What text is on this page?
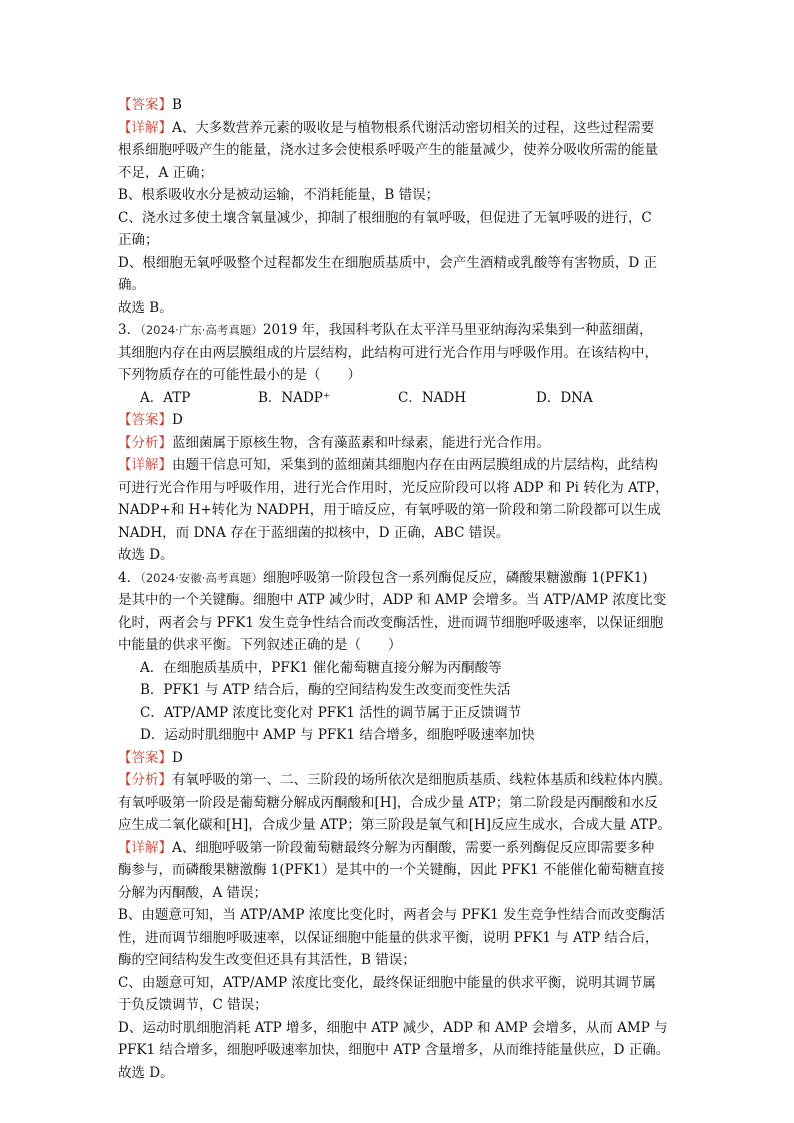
【答案】B
【详解】A、大多数营养元素的吸收是与植物根系代谢活动密切相关的过程，这些过程需要
根系细胞呼吸产生的能量，浇水过多会使根系呼吸产生的能量减少，使养分吸收所需的能量
不足，A 正确；
B、根系吸收水分是被动运输，不消耗能量，B 错误；
C、浇水过多使土壤含氧量减少，抑制了根细胞的有氧呼吸，但促进了无氧呼吸的进行，C
正确；
D、根细胞无氧呼吸整个过程都发生在细胞质基质中，会产生酒精或乳酸等有害物质，D 正
确。
故选 B。
3．（2024·广东·高考真题）2019 年，我国科考队在太平洋马里亚纳海沟采集到一种蓝细菌，
其细胞内存在由两层膜组成的片层结构，此结构可进行光合作用与呼吸作用。在该结构中，
下列物质存在的可能性最小的是（　　）
A．ATP	B．NADP⁺	C．NADH	D．DNA
【答案】D
【分析】蓝细菌属于原核生物，含有藻蓝素和叶绿素，能进行光合作用。
【详解】由题干信息可知，采集到的蓝细菌其细胞内存在由两层膜组成的片层结构，此结构
可进行光合作用与呼吸作用，进行光合作用时，光反应阶段可以将 ADP 和 Pi 转化为 ATP，
NADP+和 H+转化为 NADPH，用于暗反应，有氧呼吸的第一阶段和第二阶段都可以生成
NADH，而 DNA 存在于蓝细菌的拟核中，D 正确，ABC 错误。
故选 D。
4．（2024·安徽·高考真题）细胞呼吸第一阶段包含一系列酶促反应，磷酸果糖激酶 1(PFK1)
是其中的一个关键酶。细胞中 ATP 减少时，ADP 和 AMP 会增多。当 ATP/AMP 浓度比变
化时，两者会与 PFK1 发生竞争性结合而改变酶活性，进而调节细胞呼吸速率，以保证细胞
中能量的供求平衡。下列叙述正确的是（　　）
A．在细胞质基质中，PFK1 催化葡萄糖直接分解为丙酮酸等
B．PFK1 与 ATP 结合后，酶的空间结构发生改变而变性失活
C．ATP/AMP 浓度比变化对 PFK1 活性的调节属于正反馈调节
D．运动时肌细胞中 AMP 与 PFK1 结合增多，细胞呼吸速率加快
【答案】D
【分析】有氧呼吸的第一、二、三阶段的场所依次是细胞质基质、线粒体基质和线粒体内膜。
有氧呼吸第一阶段是葡萄糖分解成丙酮酸和[H]，合成少量 ATP；第二阶段是丙酮酸和水反
应生成二氧化碳和[H]，合成少量 ATP；第三阶段是氧气和[H]反应生成水，合成大量 ATP。
【详解】A、细胞呼吸第一阶段葡萄糖最终分解为丙酮酸，需要一系列酶促反应即需要多种
酶参与，而磷酸果糖激酶 1(PFK1）是其中的一个关键酶，因此 PFK1 不能催化葡萄糖直接
分解为丙酮酸，A 错误；
B、由题意可知，当 ATP/AMP 浓度比变化时，两者会与 PFK1 发生竞争性结合而改变酶活
性，进而调节细胞呼吸速率，以保证细胞中能量的供求平衡，说明 PFK1 与 ATP 结合后，
酶的空间结构发生改变但还具有其活性，B 错误；
C、由题意可知，ATP/AMP 浓度比变化，最终保证细胞中能量的供求平衡，说明其调节属
于负反馈调节，C 错误；
D、运动时肌细胞消耗 ATP 增多，细胞中 ATP 减少，ADP 和 AMP 会增多，从而 AMP 与
PFK1 结合增多，细胞呼吸速率加快，细胞中 ATP 含量增多，从而维持能量供应，D 正确。
故选 D。
